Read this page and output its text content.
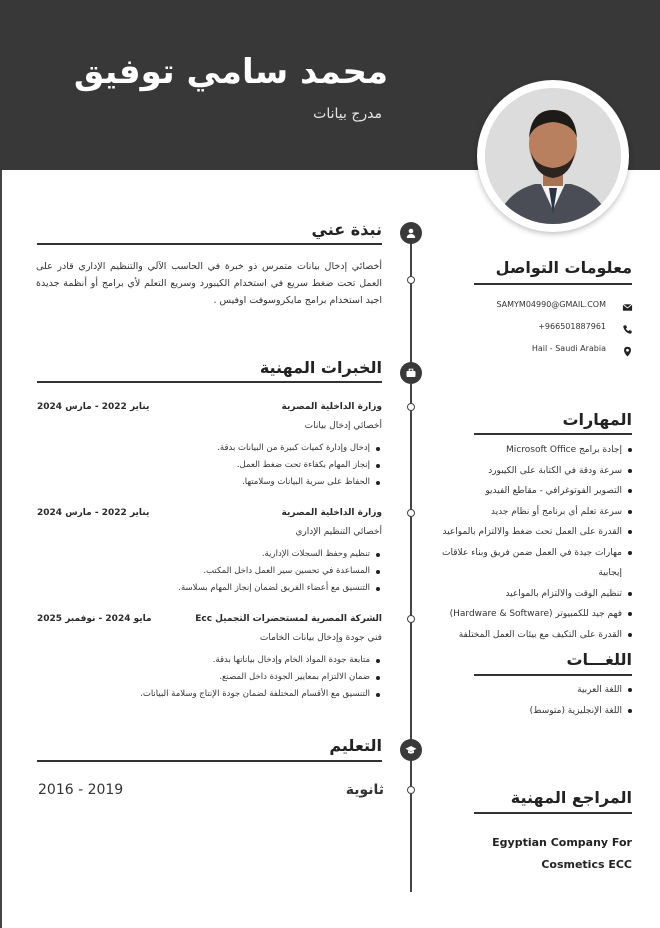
محمد سامي توفيق
مدرج بيانات
نبذة عني

أخصائي إدخال بيانات متمرس ذو خبرة في الحاسب الآلي والتنظيم الإداري قادر على العمل تحت ضغط سريع في استخدام الكيبورد وسريع التعلم لأي برامج أو أنظمة جديدة اجيد استخدام برامج مايكروسوفت اوفيس .

الخبرات المهنية
وزارة الداخلية المصرية
يناير 2022 - مارس 2024
أخصائي إدخال بيانات
إدخال وإدارة كميات كبيرة من البيانات بدقة.
إنجاز المهام بكفاءة تحت ضغط العمل.
الحفاظ على سرية البيانات وسلامتها.
وزارة الداخلية المصرية
يناير 2022 - مارس 2024
أخصائي التنظيم الإداري
تنظيم وحفظ السجلات الإدارية.
المساعدة في تحسين سير العمل داخل المكتب.
التنسيق مع أعضاء الفريق لضمان إنجاز المهام بسلاسة.
الشركة المصرية لمستحضرات التجميل Ecc
مايو 2024 - نوفمبر 2025
فني جودة وإدخال بيانات الخامات
متابعة جودة المواد الخام وإدخال بياناتها بدقة.
ضمان الالتزام بمعايير الجودة داخل المصنع.
التنسيق مع الأقسام المختلفة لضمان جودة الإنتاج وسلامة البيانات.
التعليم
ثانوية
2016 - 2019
معلومات التواصل
SAMYM04990@GMAIL.COM
+966501887961
Hail - Saudi Arabia
المهارات
إجادة برامج Microsoft Office
سرعة ودقة في الكتابة على الكيبورد
التصوير الفوتوغرافي - مقاطع الفيديو
سرعة تعلم أي برنامج أو نظام جديد
القدرة على العمل تحت ضغط والالتزام بالمواعيد
مهارات جيدة في العمل ضمن فريق وبناء علاقات إيجابية
تنظيم الوقت والالتزام بالمواعيد
فهم جيد للكمبيوتر (Hardware & Software)
القدرة على التكيف مع بيئات العمل المختلفة
اللغـــات
اللغة العربية
اللغة الإنجليزية (متوسط)
المراجع المهنية
Egyptian Company For Cosmetics ECC
